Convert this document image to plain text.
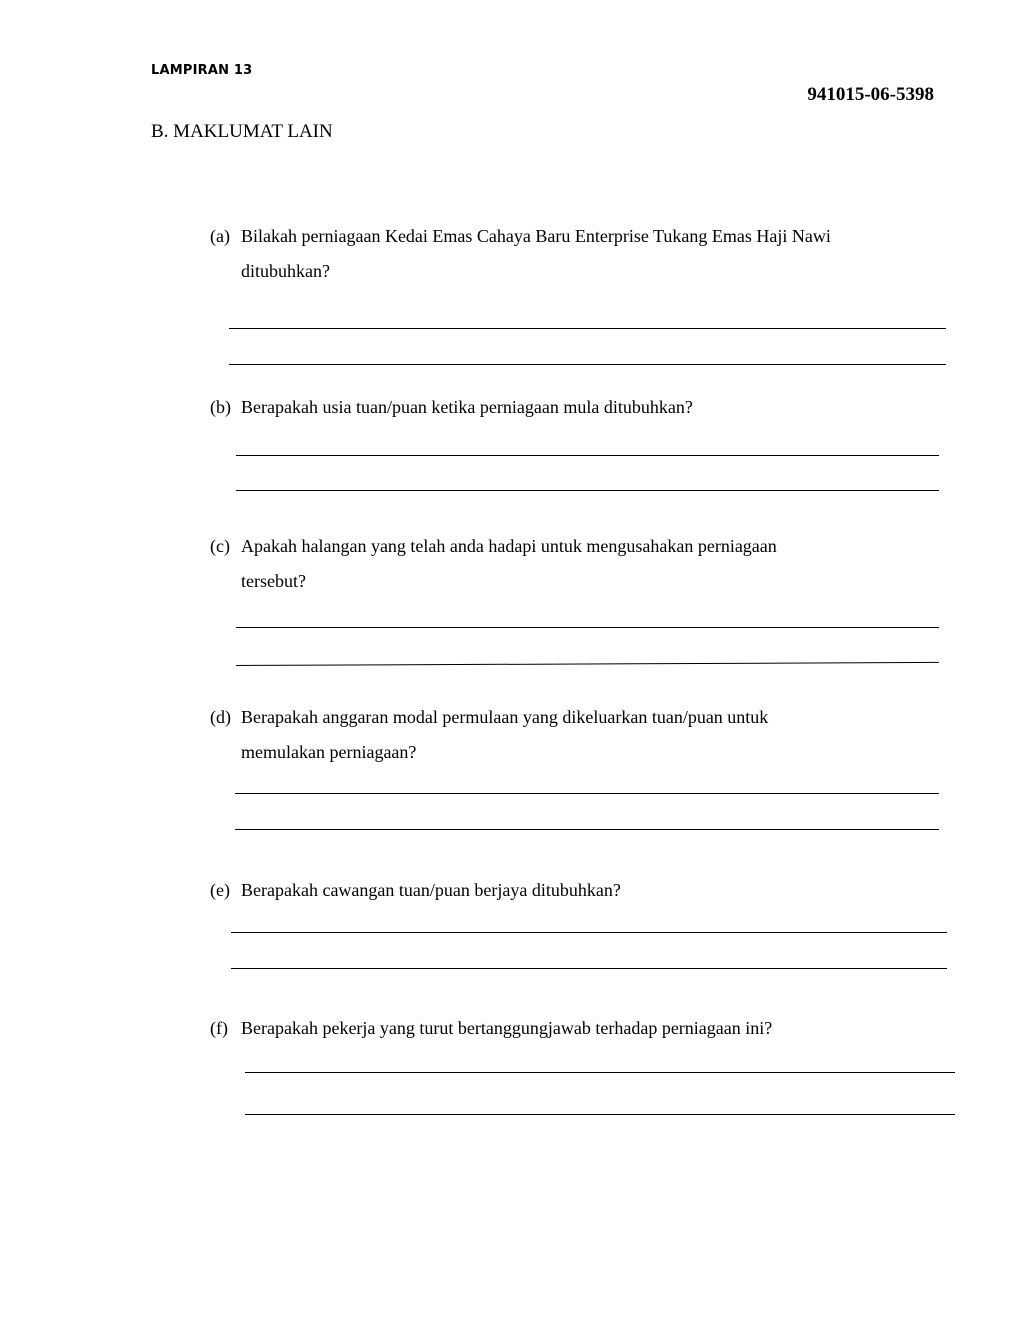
LAMPIRAN 13
941015-06-5398
B. MAKLUMAT LAIN
(a) Bilakah perniagaan Kedai Emas Cahaya Baru Enterprise Tukang Emas Haji Nawi ditubuhkan?
(b) Berapakah usia tuan/puan ketika perniagaan mula ditubuhkan?
(c) Apakah halangan yang telah anda hadapi untuk mengusahakan perniagaan tersebut?
(d) Berapakah anggaran modal permulaan yang dikeluarkan tuan/puan untuk memulakan perniagaan?
(e) Berapakah cawangan tuan/puan berjaya ditubuhkan?
(f) Berapakah pekerja yang turut bertanggungjawab terhadap perniagaan ini?
